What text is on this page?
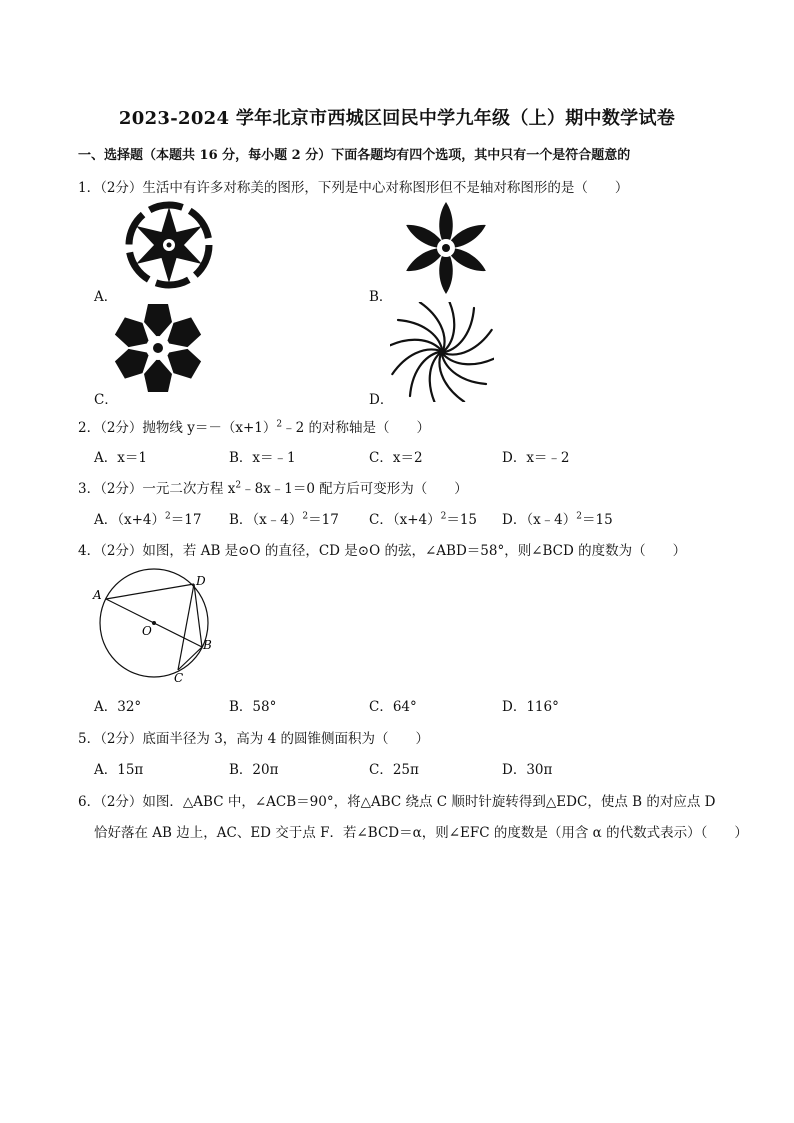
2023-2024 学年北京市西城区回民中学九年级（上）期中数学试卷
一、选择题（本题共 16 分，每小题 2 分）下面各题均有四个选项，其中只有一个是符合题意的
1．（2分）生活中有许多对称美的图形，下列是中心对称图形但不是轴对称图形的是（　　）
A．	B．
C．	D．
2．（2分）抛物线 $y=-(x+1)^2﹣2$ 的对称轴是（　　）
A．x＝1	B．x＝﹣1	C．x＝2	D．x＝﹣2
3．（2分）一元二次方程 $x^2﹣8x﹣1=0$ 配方后可变形为（　　）
A．$(x+4)^2=17$ B．（x﹣4）$^2$＝17 C．$(x+4)^2=15$ D．（x﹣4）$^2$＝15
4．（2分）如图，若 AB 是⊙O 的直径，CD 是⊙O 的弦，∠ABD＝58°，则∠BCD 的度数为（　　）
A
D
O
B
C
A．32°	B．58°	C．64°	D．116°
5．（2分）底面半径为 3，高为 4 的圆锥侧面积为（　　）
A．15π	B．20π	C．25π	D．30π
6．（2分）如图．△ABC 中，∠ACB＝90°，将△ABC 绕点 C 顺时针旋转得到△EDC，使点 B 的对应点 D
恰好落在 AB 边上，AC、ED 交于点 F．若∠BCD＝α，则∠EFC 的度数是（用含 α 的代数式表示）（　　）
